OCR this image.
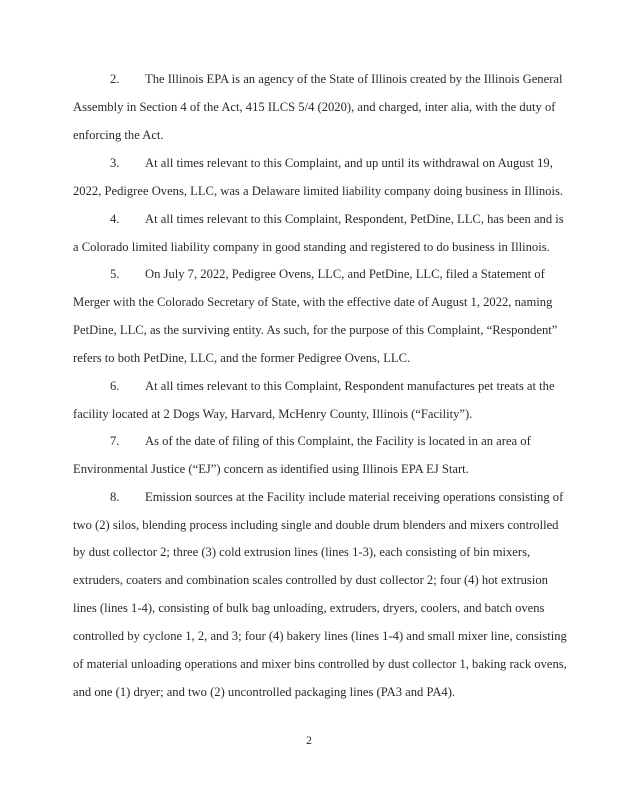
2. The Illinois EPA is an agency of the State of Illinois created by the Illinois General
Assembly in Section 4 of the Act, 415 ILCS 5/4 (2020), and charged, inter alia, with the duty of
enforcing the Act.
3. At all times relevant to this Complaint, and up until its withdrawal on August 19,
2022, Pedigree Ovens, LLC, was a Delaware limited liability company doing business in Illinois.
4. At all times relevant to this Complaint, Respondent, PetDine, LLC, has been and is
a Colorado limited liability company in good standing and registered to do business in Illinois.
5. On July 7, 2022, Pedigree Ovens, LLC, and PetDine, LLC, filed a Statement of
Merger with the Colorado Secretary of State, with the effective date of August 1, 2022, naming
PetDine, LLC, as the surviving entity. As such, for the purpose of this Complaint, “Respondent”
refers to both PetDine, LLC, and the former Pedigree Ovens, LLC.
6. At all times relevant to this Complaint, Respondent manufactures pet treats at the
facility located at 2 Dogs Way, Harvard, McHenry County, Illinois (“Facility”).
7. As of the date of filing of this Complaint, the Facility is located in an area of
Environmental Justice (“EJ”) concern as identified using Illinois EPA EJ Start.
8. Emission sources at the Facility include material receiving operations consisting of
two (2) silos, blending process including single and double drum blenders and mixers controlled
by dust collector 2; three (3) cold extrusion lines (lines 1-3), each consisting of bin mixers,
extruders, coaters and combination scales controlled by dust collector 2; four (4) hot extrusion
lines (lines 1-4), consisting of bulk bag unloading, extruders, dryers, coolers, and batch ovens
controlled by cyclone 1, 2, and 3; four (4) bakery lines (lines 1-4) and small mixer line, consisting
of material unloading operations and mixer bins controlled by dust collector 1, baking rack ovens,
and one (1) dryer; and two (2) uncontrolled packaging lines (PA3 and PA4).
2
